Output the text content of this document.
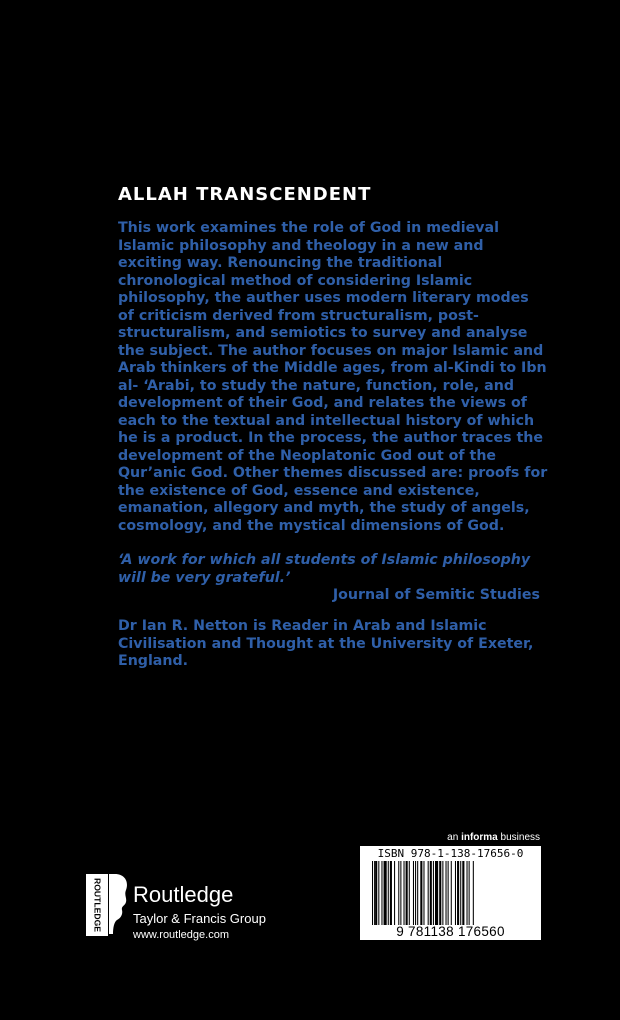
ALLAH TRANSCENDENT
This work examines the role of God in medieval Islamic philosophy and theology in a new and exciting way. Renouncing the traditional chronological method of considering Islamic philosophy, the auther uses modern literary modes of criticism derived from structuralism, post-structuralism, and semiotics to survey and analyse the subject. The author focuses on major Islamic and Arab thinkers of the Middle ages, from al-Kindi to Ibn al- ‘Arabi, to study the nature, function, role, and development of their God, and relates the views of each to the textual and intellectual history of which he is a product. In the process, the author traces the development of the Neoplatonic God out of the Qur’anic God. Other themes discussed are: proofs for the existence of God, essence and existence, emanation, allegory and myth, the study of angels, cosmology, and the mystical dimensions of God.
‘A work for which all students of Islamic philosophy will be very grateful.’
Journal of Semitic Studies
Dr Ian R. Netton is Reader in Arab and Islamic Civilisation and Thought at the University of Exeter, England.
an informa business
ISBN 978-1-138-17656-0
9 781138 176560
ROUTLEDGE Routledge
Taylor & Francis Group
www.routledge.com
